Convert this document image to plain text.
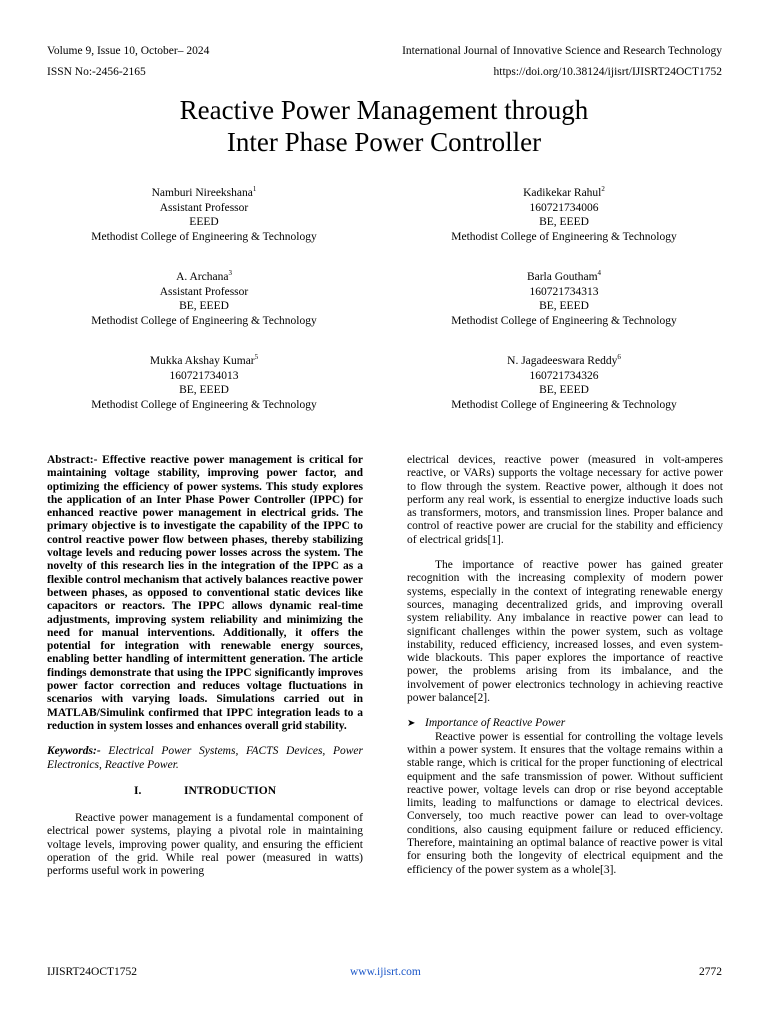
Volume 9, Issue 10, October– 2024	International Journal of Innovative Science and Research Technology
ISSN No:-2456-2165	https://doi.org/10.38124/ijisrt/IJISRT24OCT1752
Reactive Power Management through
Inter Phase Power Controller
Namburi Nireekshana$^1$
Assistant Professor
EEED
Methodist College of Engineering & Technology
Kadikekar Rahul$^2$
160721734006
BE, EEED
Methodist College of Engineering & Technology
A. Archana$^3$
Assistant Professor
BE, EEED
Methodist College of Engineering & Technology
Barla Goutham$^4$
160721734313
BE, EEED
Methodist College of Engineering & Technology
Mukka Akshay Kumar$^5$
160721734013
BE, EEED
Methodist College of Engineering & Technology
N. Jagadeeswara Reddy$^6$
160721734326
BE, EEED
Methodist College of Engineering & Technology

Abstract:- Effective reactive power management is critical for maintaining voltage stability, improving power factor, and optimizing the efficiency of power systems. This study explores the application of an Inter Phase Power Controller (IPPC) for enhanced reactive power management in electrical grids. The primary objective is to investigate the capability of the IPPC to control reactive power flow between phases, thereby stabilizing voltage levels and reducing power losses across the system. The novelty of this research lies in the integration of the IPPC as a flexible control mechanism that actively balances reactive power between phases, as opposed to conventional static devices like capacitors or reactors. The IPPC allows dynamic real-time adjustments, improving system reliability and minimizing the need for manual interventions. Additionally, it offers the potential for integration with renewable energy sources, enabling better handling of intermittent generation. The article findings demonstrate that using the IPPC significantly improves power factor correction and reduces voltage fluctuations in scenarios with varying loads. Simulations carried out in MATLAB/Simulink confirmed that IPPC integration leads to a reduction in system losses and enhances overall grid stability.

Keywords:- Electrical Power Systems, FACTS Devices, Power Electronics, Reactive Power.

I.	INTRODUCTION

Reactive power management is a fundamental component of electrical power systems, playing a pivotal role in maintaining voltage levels, improving power quality, and ensuring the efficient operation of the grid. While real power (measured in watts) performs useful work in powering

electrical devices, reactive power (measured in volt-amperes reactive, or VARs) supports the voltage necessary for active power to flow through the system. Reactive power, although it does not perform any real work, is essential to energize inductive loads such as transformers, motors, and transmission lines. Proper balance and control of reactive power are crucial for the stability and efficiency of electrical grids[1].

The importance of reactive power has gained greater recognition with the increasing complexity of modern power systems, especially in the context of integrating renewable energy sources, managing decentralized grids, and improving overall system reliability. Any imbalance in reactive power can lead to significant challenges within the power system, such as voltage instability, reduced efficiency, increased losses, and even system-wide blackouts. This paper explores the importance of reactive power, the problems arising from its imbalance, and the involvement of power electronics technology in achieving reactive power balance[2].

➤ Importance of Reactive Power

Reactive power is essential for controlling the voltage levels within a power system. It ensures that the voltage remains within a stable range, which is critical for the proper functioning of electrical equipment and the safe transmission of power. Without sufficient reactive power, voltage levels can drop or rise beyond acceptable limits, leading to malfunctions or damage to electrical devices. Conversely, too much reactive power can lead to over-voltage conditions, also causing equipment failure or reduced efficiency. Therefore, maintaining an optimal balance of reactive power is vital for ensuring both the longevity of electrical equipment and the efficiency of the power system as a whole[3].

IJISRT24OCT1752	www.ijisrt.com	2772
